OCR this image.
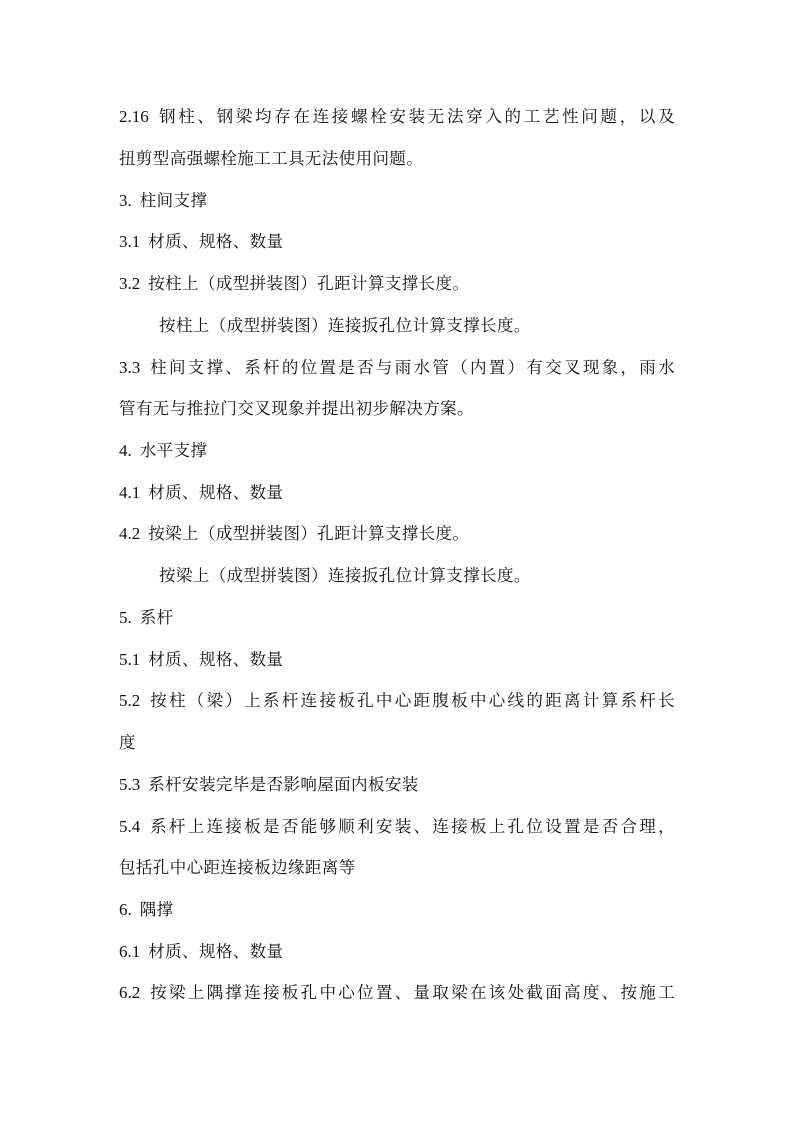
2.16 钢柱、钢梁均存在连接螺栓安装无法穿入的工艺性问题，以及
扭剪型高强螺栓施工工具无法使用问题。
3. 柱间支撑
3.1 材质、规格、数量
3.2 按柱上（成型拼装图）孔距计算支撑长度。
按柱上（成型拼装图）连接扳孔位计算支撑长度。
3.3 柱间支撑、系杆的位置是否与雨水管（内置）有交叉现象，雨水
管有无与推拉门交叉现象并提出初步解决方案。
4. 水平支撑
4.1 材质、规格、数量
4.2 按梁上（成型拼装图）孔距计算支撑长度。
按梁上（成型拼装图）连接扳孔位计算支撑长度。
5. 系杆
5.1 材质、规格、数量
5.2 按柱（梁）上系杆连接板孔中心距腹板中心线的距离计算系杆长
度
5.3 系杆安装完毕是否影响屋面内板安装
5.4 系杆上连接板是否能够顺利安装、连接板上孔位设置是否合理，
包括孔中心距连接板边缘距离等
6. 隅撑
6.1 材质、规格、数量
6.2 按梁上隅撑连接板孔中心位置、量取梁在该处截面高度、按施工
